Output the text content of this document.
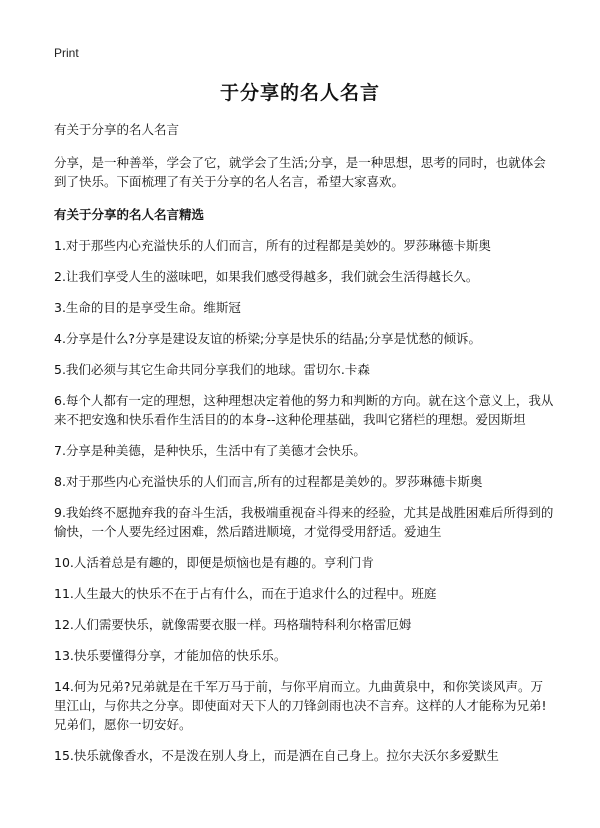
Print
于分享的名人名言

有关于分享的名人名言

分享，是一种善举，学会了它，就学会了生活;分享，是一种思想，思考的同时，也就体会到了快乐。下面梳理了有关于分享的名人名言，希望大家喜欢。

有关于分享的名人名言精选

1.对于那些内心充溢快乐的人们而言，所有的过程都是美妙的。罗莎琳德卡斯奥
2.让我们享受人生的滋味吧，如果我们感受得越多，我们就会生活得越长久。
3.生命的目的是享受生命。维斯冠
4.分享是什么?分享是建设友谊的桥梁;分享是快乐的结晶;分享是忧愁的倾诉。
5.我们必须与其它生命共同分享我们的地球。雷切尔.卡森
6.每个人都有一定的理想，这种理想决定着他的努力和判断的方向。就在这个意义上，我从来不把安逸和快乐看作生活目的的本身--这种伦理基础，我叫它猪栏的理想。爱因斯坦
7.分享是种美德，是种快乐，生活中有了美德才会快乐。
8.对于那些内心充溢快乐的人们而言,所有的过程都是美妙的。罗莎琳德卡斯奥
9.我始终不愿抛弃我的奋斗生活，我极端重视奋斗得来的经验，尤其是战胜困难后所得到的愉快，一个人要先经过困难，然后踏进顺境，才觉得受用舒适。爱迪生
10.人活着总是有趣的，即便是烦恼也是有趣的。亨利门肯
11.人生最大的快乐不在于占有什么，而在于追求什么的过程中。班庭
12.人们需要快乐，就像需要衣服一样。玛格瑞特科利尔格雷厄姆
13.快乐要懂得分享，才能加倍的快乐乐。
14.何为兄弟?兄弟就是在千军万马于前，与你平肩而立。九曲黄泉中，和你笑谈风声。万里江山，与你共之分享。即使面对天下人的刀锋剑雨也决不言弃。这样的人才能称为兄弟!兄弟们，愿你一切安好。
15.快乐就像香水，不是泼在别人身上，而是洒在自己身上。拉尔夫沃尔多爱默生
